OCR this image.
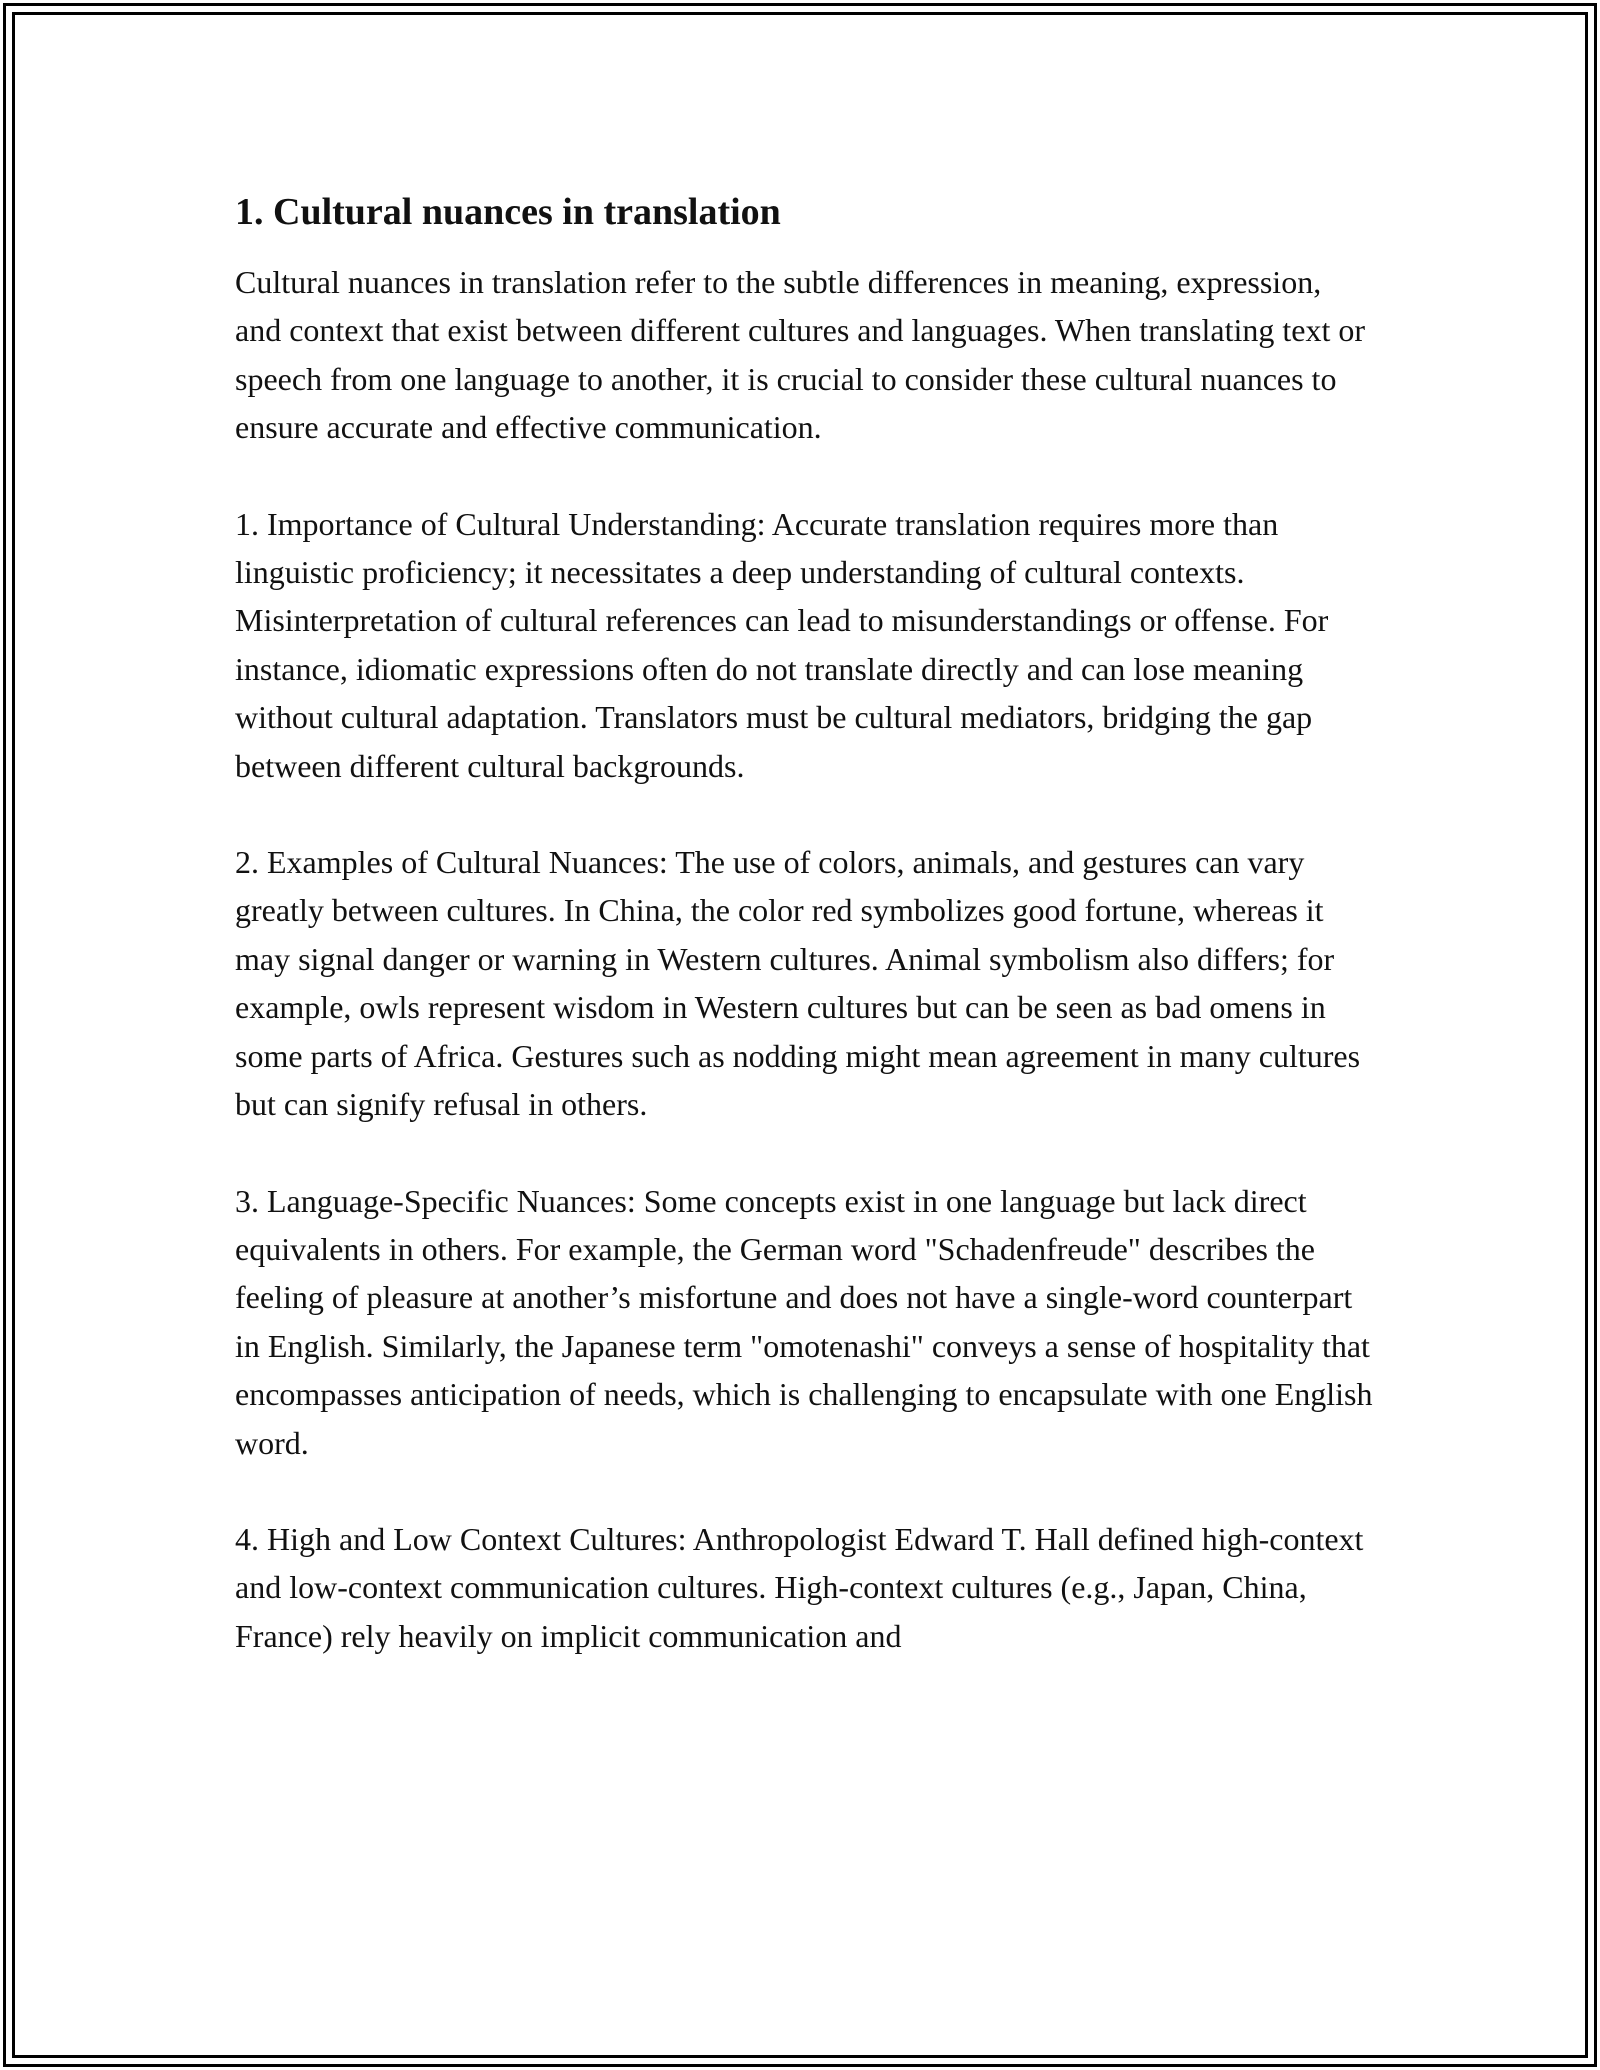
1. Cultural nuances in translation

Cultural nuances in translation refer to the subtle differences in meaning, expression, and context that exist between different cultures and languages. When translating text or speech from one language to another, it is crucial to consider these cultural nuances to ensure accurate and effective communication.

1. Importance of Cultural Understanding: Accurate translation requires more than linguistic proficiency; it necessitates a deep understanding of cultural contexts. Misinterpretation of cultural references can lead to misunderstandings or offense. For instance, idiomatic expressions often do not translate directly and can lose meaning without cultural adaptation. Translators must be cultural mediators, bridging the gap between different cultural backgrounds.

2. Examples of Cultural Nuances: The use of colors, animals, and gestures can vary greatly between cultures. In China, the color red symbolizes good fortune, whereas it may signal danger or warning in Western cultures. Animal symbolism also differs; for example, owls represent wisdom in Western cultures but can be seen as bad omens in some parts of Africa. Gestures such as nodding might mean agreement in many cultures but can signify refusal in others.

3. Language-Specific Nuances: Some concepts exist in one language but lack direct equivalents in others. For example, the German word "Schadenfreude" describes the feeling of pleasure at another’s misfortune and does not have a single-word counterpart in English. Similarly, the Japanese term "omotenashi" conveys a sense of hospitality that encompasses anticipation of needs, which is challenging to encapsulate with one English word.

4. High and Low Context Cultures: Anthropologist Edward T. Hall defined high-context and low-context communication cultures. High-context cultures (e.g., Japan, China, France) rely heavily on implicit communication and
